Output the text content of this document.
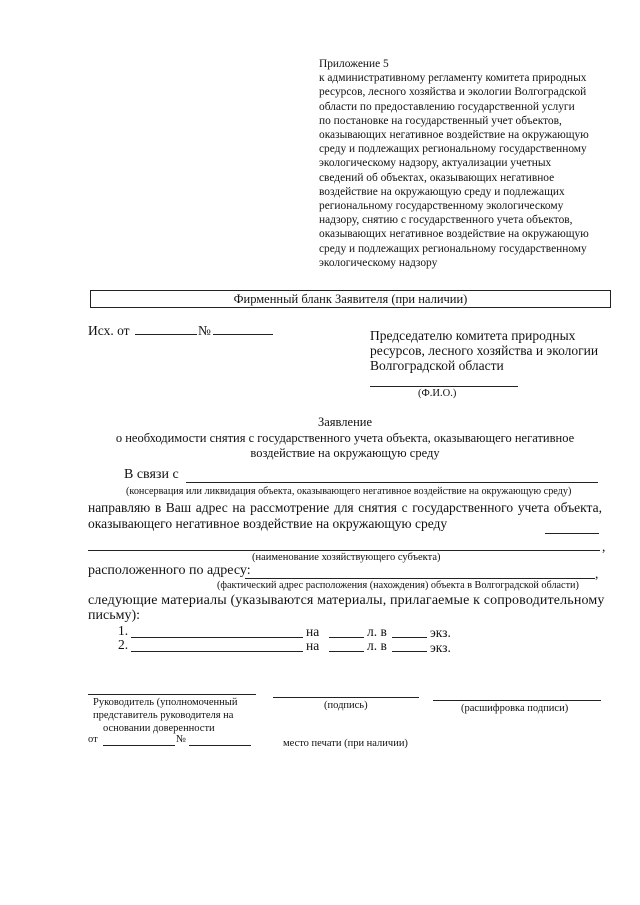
Приложение 5
к административному регламенту комитета природных
ресурсов, лесного хозяйства и экологии Волгоградской
области по предоставлению государственной услуги
по постановке на государственный учет объектов,
оказывающих негативное воздействие на окружающую
среду и подлежащих региональному государственному
экологическому надзору, актуализации учетных
сведений об объектах, оказывающих негативное
воздействие на окружающую среду и подлежащих
региональному государственному экологическому
надзору, снятию с государственного учета объектов,
оказывающих негативное воздействие на окружающую
среду и подлежащих региональному государственному
экологическому надзору
Фирменный бланк Заявителя (при наличии)
Исх. от	№	Председателю комитета природных
ресурсов, лесного хозяйства и экологии
Волгоградской области
(Ф.И.О.)
Заявление
о необходимости снятия с государственного учета объекта, оказывающего негативное
воздействие на окружающую среду
В связи с
(консервация или ликвидация объекта, оказывающего негативное воздействие на окружающую среду)
направляю в Ваш адрес на рассмотрение для снятия с государственного учета объекта, оказывающего негативное воздействие на окружающую среду
,
(наименование хозяйствующего субъекта)
расположенного по адресу:	,
(фактический адрес расположения (нахождения) объекта в Волгоградской области)
следующие материалы (указываются материалы, прилагаемые к сопроводительному
письму):
1.	на	л. в	экз.
2.	на	л. в	экз.
Руководитель (уполномоченный
представитель руководителя на
основании доверенности
(подпись)	(расшифровка подписи)
от	№	место печати (при наличии)
